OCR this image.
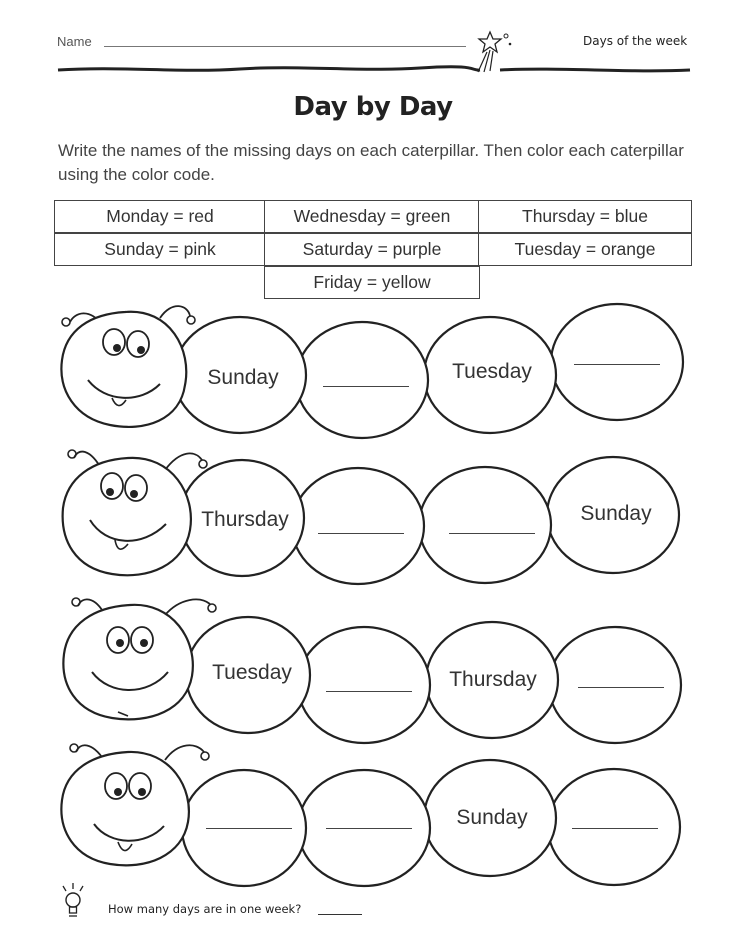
Name	Days of the week
Day by Day
Write the names of the missing days on each caterpillar. Then color each caterpillar using the color code.
Monday = red	Wednesday = green	Thursday = blue
Sunday = pink	Saturday = purple	Tuesday = orange
Friday = yellow
Sunday	Tuesday
Thursday	Sunday
Tuesday	Thursday
Sunday
How many days are in one week?
